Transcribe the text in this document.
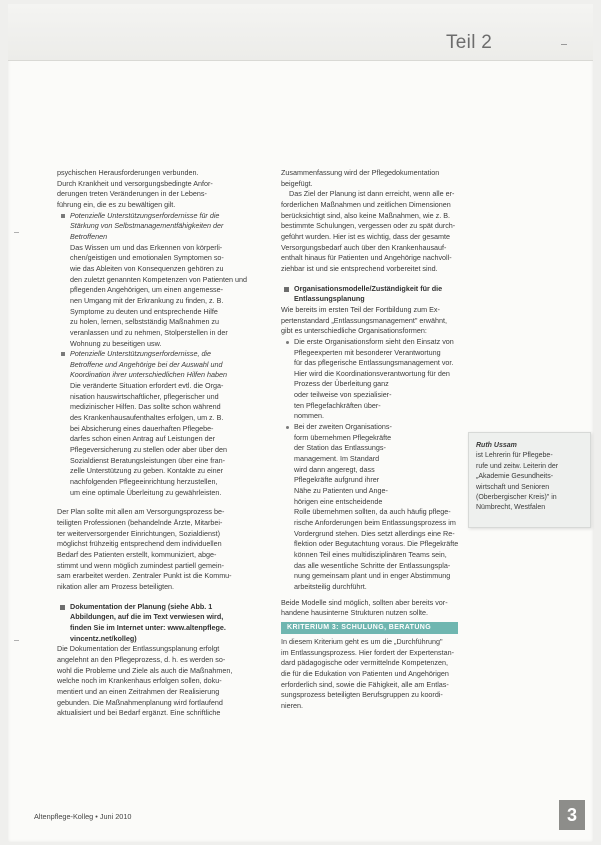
Teil 2

psychischen Herausforderungen verbunden.
Durch Krankheit und versorgungsbedingte Anfor-
derungen treten Veränderungen in der Lebens-
führung ein, die es zu bewältigen gilt.

Potenzielle Unterstützungserfordernisse für die
Stärkung von Selbstmanagementfähigkeiten der
Betroffenen
Das Wissen um und das Erkennen von körperli-
chen/geistigen und emotionalen Symptomen so-
wie das Ableiten von Konsequenzen gehören zu
den zuletzt genannten Kompetenzen von Patienten und
pflegenden Angehörigen, um einen angemesse-
nen Umgang mit der Erkrankung zu finden, z. B.
Symptome zu deuten und entsprechende Hilfe
zu holen, lernen, selbstständig Maßnahmen zu
veranlassen und zu nehmen, Stolperstellen in der
Wohnung zu beseitigen usw.
Potenzielle Unterstützungserfordernisse, die
Betroffene und Angehörige bei der Auswahl und
Koordination ihrer unterschiedlichen Hilfen haben
Die veränderte Situation erfordert evtl. die Orga-
nisation hauswirtschaftlicher, pflegerischer und
medizinischer Hilfen. Das sollte schon während
des Krankenhausaufenthaltes erfolgen, um z. B.
bei Absicherung eines dauerhaften Pflegebe-
darfes schon einen Antrag auf Leistungen der
Pflegeversicherung zu stellen oder aber über den
Sozialdienst Beratungsleistungen über eine fran-
zelle Unterstützung zu geben. Kontakte zu einer
nachfolgenden Pflegeeinrichtung herzustellen,
um eine optimale Überleitung zu gewährleisten.

Der Plan sollte mit allen am Versorgungsprozess be-
teiligten Professionen (behandelnde Ärzte, Mitarbei-
ter weiterversorgender Einrichtungen, Sozialdienst)
möglichst frühzeitig entsprechend dem individuellen
Bedarf des Patienten erstellt, kommuniziert, abge-
stimmt und wenn möglich zumindest partiell gemein-
sam erarbeitet werden. Zentraler Punkt ist die Kommu-
nikation aller am Prozess beteiligten.

Dokumentation der Planung (siehe Abb. 1
Abbildungen, auf die im Text verwiesen wird,
finden Sie im Internet unter: www.altenpflege.
vincentz.net/kolleg)

Die Dokumentation der Entlassungsplanung erfolgt
angelehnt an den Pflegeprozess, d. h. es werden so-
wohl die Probleme und Ziele als auch die Maßnahmen,
welche noch im Krankenhaus erfolgen sollen, doku-
mentiert und an einen Zeitrahmen der Realisierung
gebunden. Die Maßnahmenplanung wird fortlaufend
aktualisiert und bei Bedarf ergänzt. Eine schriftliche

Zusammenfassung wird der Pflegedokumentation
beigefügt.

Das Ziel der Planung ist dann erreicht, wenn alle er-
forderlichen Maßnahmen und zeitlichen Dimensionen
berücksichtigt sind, also keine Maßnahmen, wie z. B.
bestimmte Schulungen, vergessen oder zu spät durch-
geführt wurden. Hier ist es wichtig, dass der gesamte
Versorgungsbedarf auch über den Krankenhausauf-
enthalt hinaus für Patienten und Angehörige nachvoll-
ziehbar ist und sie entsprechend vorbereitet sind.

Organisationsmodelle/Zuständigkeit für die
Entlassungsplanung

Wie bereits im ersten Teil der Fortbildung zum Ex-
pertenstandard „Entlassungsmanagement" erwähnt,
gibt es unterschiedliche Organisationsformen:

Die erste Organisationsform sieht den Einsatz von
Pflegeexperten mit besonderer Verantwortung
für das pflegerische Entlassungsmanagement vor.
Hier wird die Koordinationsverantwortung für den
Prozess der Überleitung ganz
oder teilweise von spezialisier-
ten Pflegefachkräften über-
nommen.
Bei der zweiten Organisations-
form übernehmen Pflegekräfte
der Station das Entlassungs-
management. Im Standard
wird dann angeregt, dass
Pflegekräfte aufgrund ihrer
Nähe zu Patienten und Ange-
hörigen eine entscheidende
Rolle übernehmen sollten, da auch häufig pflege-
rische Anforderungen beim Entlassungsprozess im
Vordergrund stehen. Dies setzt allerdings eine Re-
flektion oder Begutachtung voraus. Die Pflegekräfte
können Teil eines multidisziplinären Teams sein,
das alle wesentliche Schritte der Entlassungspla-
nung gemeinsam plant und in enger Abstimmung
arbeitsteilig durchführt.

Beide Modelle sind möglich, sollten aber bereits vor-
handene hausinterne Strukturen nutzen sollte.

KRITERIUM 3: SCHULUNG, BERATUNG

In diesem Kriterium geht es um die „Durchführung"
im Entlassungsprozess. Hier fordert der Expertenstan-
dard pädagogische oder vermittelnde Kompetenzen,
die für die Edukation von Patienten und Angehörigen
erforderlich sind, sowie die Fähigkeit, alle am Entlas-
sungsprozess beteiligten Berufsgruppen zu koordi-
nieren.

Ruth Ussam
ist Lehrerin für Pflegebe-
rufe und zeitw. Leiterin der
„Akademie Gesundheits-
wirtschaft und Senioren
(Oberbergischer Kreis)" in
Nümbrecht, Westfalen
Altenpflege-Kolleg • Juni 2010	3
